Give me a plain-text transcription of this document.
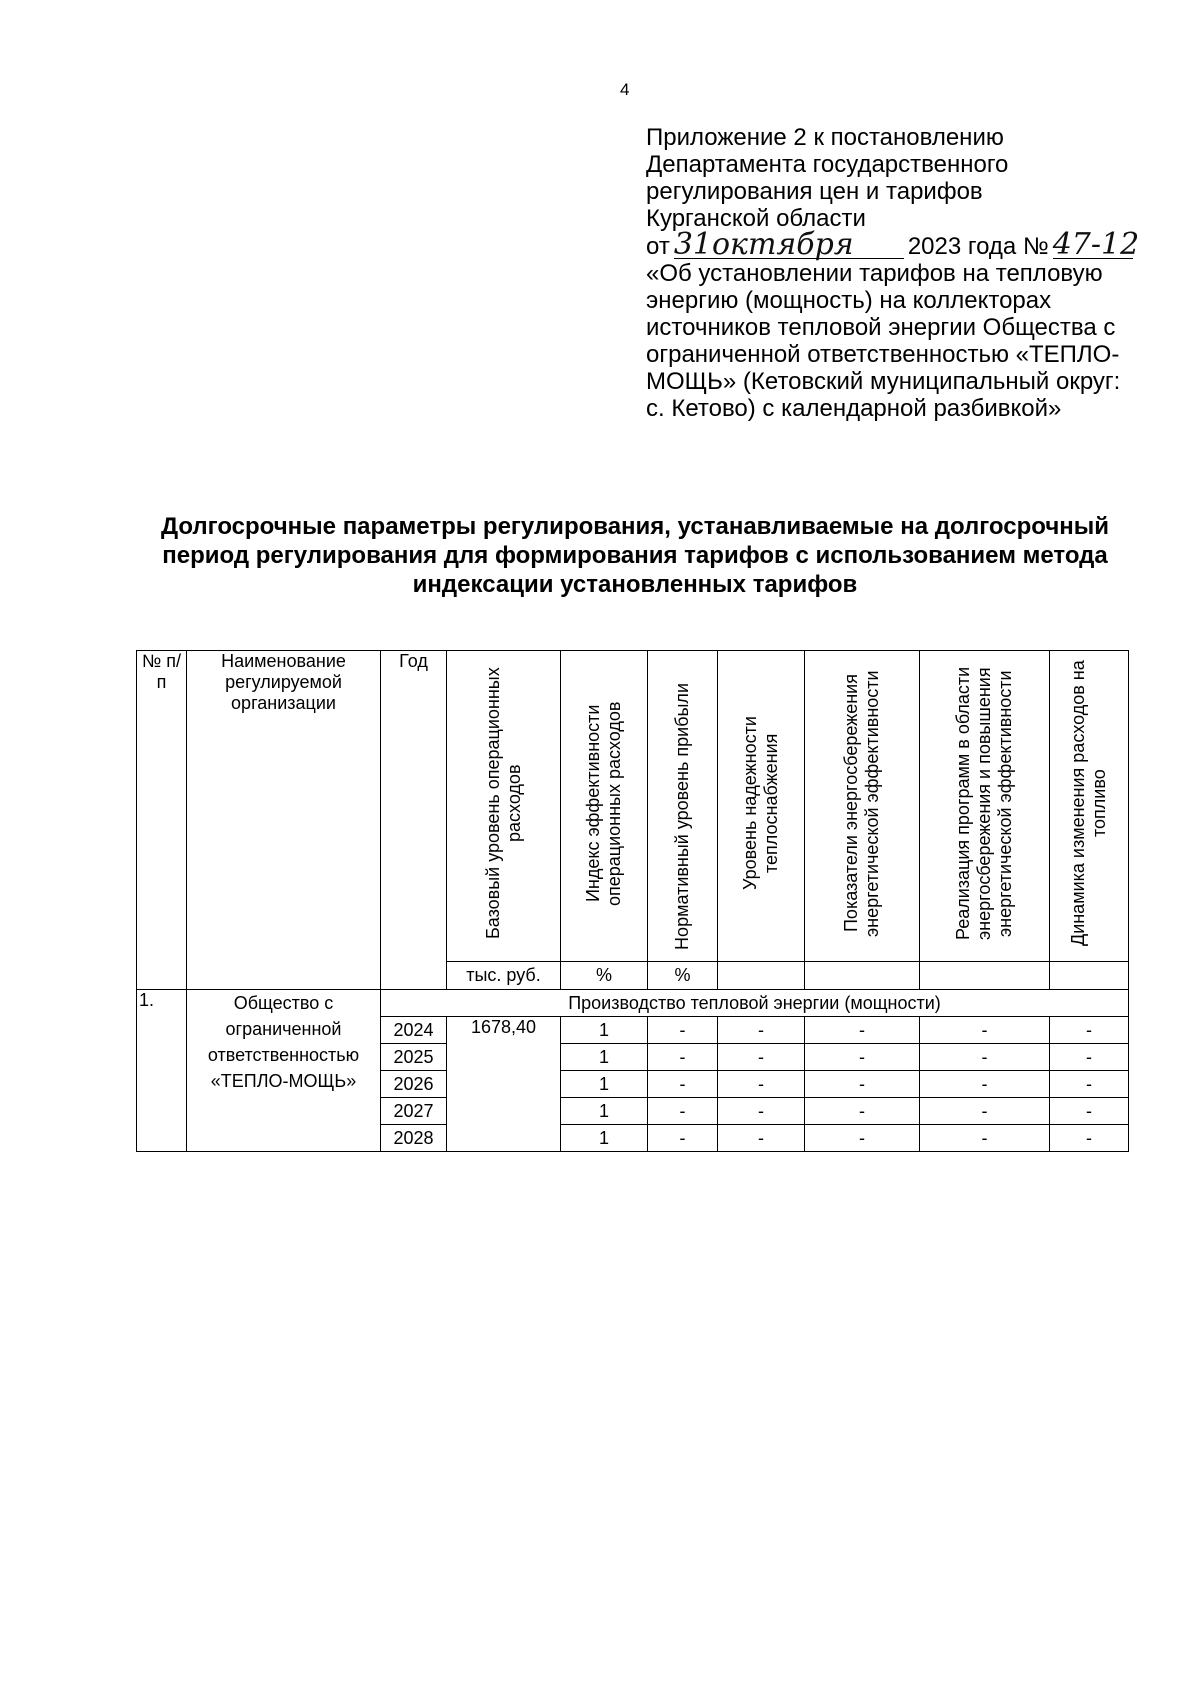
4
Приложение 2 к постановлению
Департамента государственного
регулирования цен и тарифов
Курганской области
от 31октября 2023 года № 47-12
«Об установлении тарифов на тепловую
энергию (мощность) на коллекторах
источников тепловой энергии Общества с
ограниченной ответственностью «ТЕПЛО-
МОЩЬ» (Кетовский муниципальный округ:
с. Кетово) с календарной разбивкой»
Долгосрочные параметры регулирования, устанавливаемые на долгосрочный
период регулирования для формирования тарифов с использованием метода
индексации установленных тарифов
№ п/п	Наименование регулируемой организации	Год	Базовый уровень операционных расходов	Индекс эффективности операционных расходов	Нормативный уровень прибыли	Уровень надежности теплоснабжения	Показатели энергосбережения энергетической эффективности	Реализация программ в области энергосбережения и повышения энергетической эффективности	Динамика изменения расходов на топливо
			тыс. руб.	%	%				
1.	Общество с ограниченной ответственностью «ТЕПЛО-МОЩЬ»	Производство тепловой энергии (мощности)							
		2024	1678,40	1	-	-	-	-	-
		2025		1	-	-	-	-	-
		2026		1	-	-	-	-	-
		2027		1	-	-	-	-	-
		2028		1	-	-	-	-	-
